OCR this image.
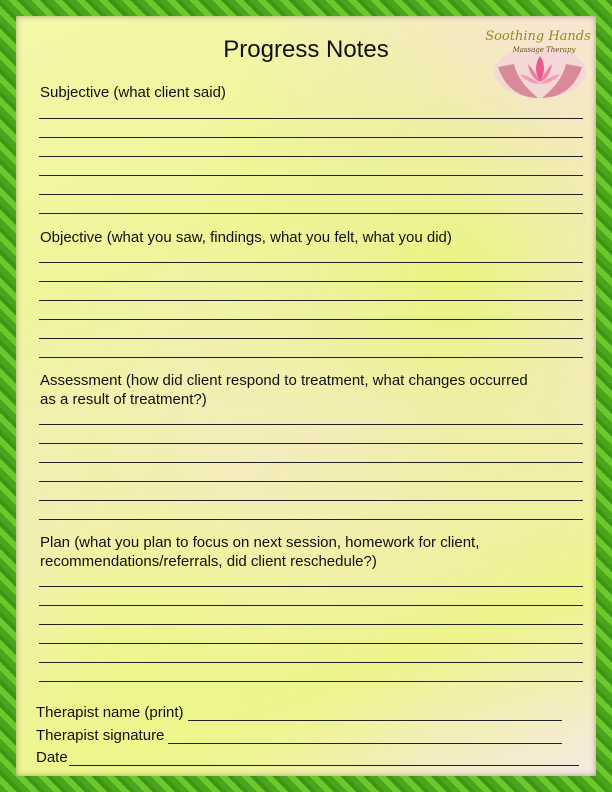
Progress Notes	Soothing Hands
Massage Therapy
Subjective (what client said)
Objective (what you saw, findings, what you felt, what you did)
Assessment (how did client respond to treatment, what changes occurred
as a result of treatment?)
Plan (what you plan to focus on next session, homework for client,
recommendations/referrals, did client reschedule?)
Therapist name (print)
Therapist signature
Date
